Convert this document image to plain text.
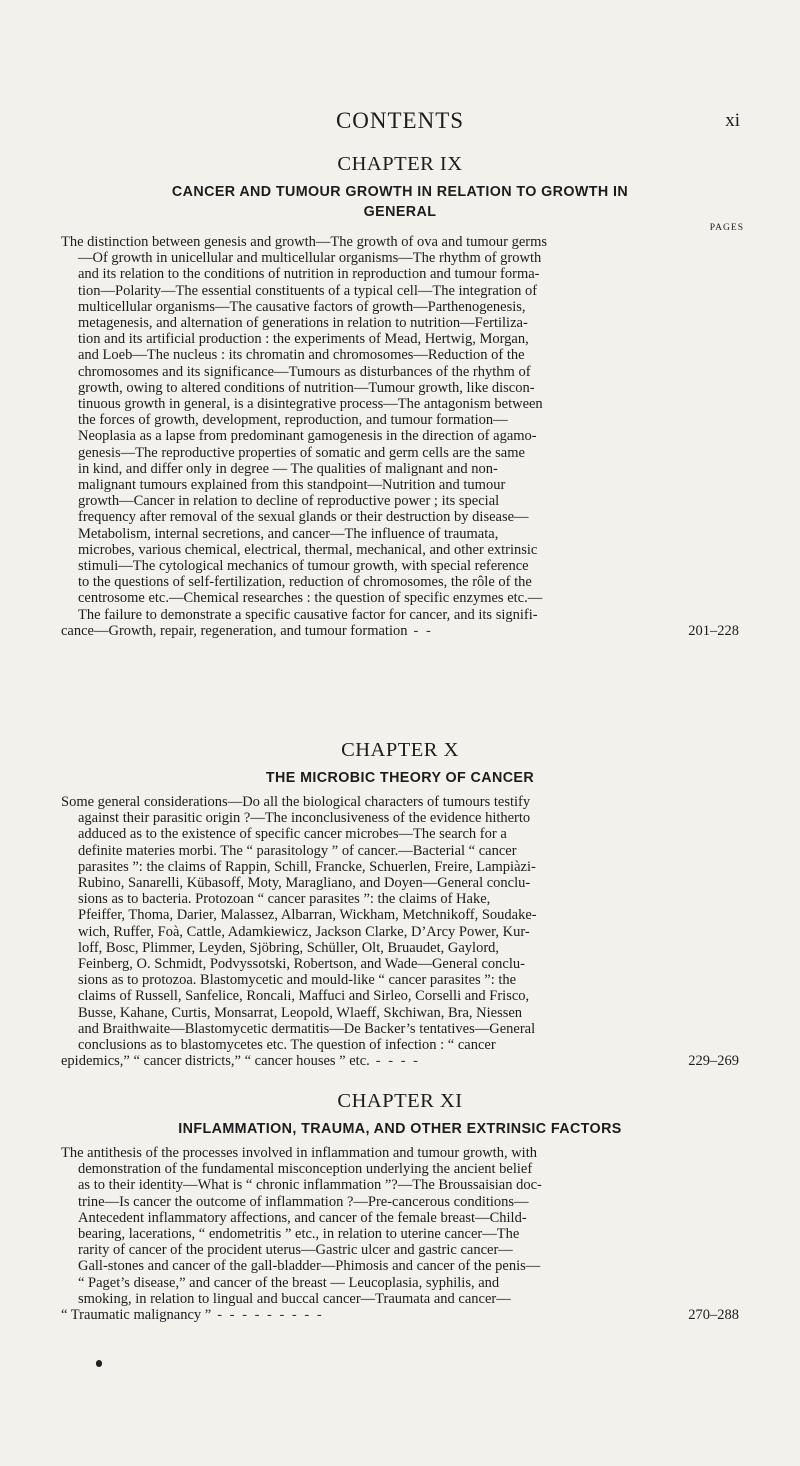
CONTENTS	xi
CHAPTER IX
CANCER AND TUMOUR GROWTH IN RELATION TO GROWTH IN
GENERAL
PAGES
The distinction between genesis and growth—The growth of ova and tumour germs
—Of growth in unicellular and multicellular organisms—The rhythm of growth
and its relation to the conditions of nutrition in reproduction and tumour forma-
tion—Polarity—The essential constituents of a typical cell—The integration of
multicellular organisms—The causative factors of growth—Parthenogenesis,
metagenesis, and alternation of generations in relation to nutrition—Fertiliza-
tion and its artificial production : the experiments of Mead, Hertwig, Morgan,
and Loeb—The nucleus : its chromatin and chromosomes—Reduction of the
chromosomes and its significance—Tumours as disturbances of the rhythm of
growth, owing to altered conditions of nutrition—Tumour growth, like discon-
tinuous growth in general, is a disintegrative process—The antagonism between
the forces of growth, development, reproduction, and tumour formation—
Neoplasia as a lapse from predominant gamogenesis in the direction of agamo-
genesis—The reproductive properties of somatic and germ cells are the same
in kind, and differ only in degree — The qualities of malignant and non-
malignant tumours explained from this standpoint—Nutrition and tumour
growth—Cancer in relation to decline of reproductive power ; its special
frequency after removal of the sexual glands or their destruction by disease—
Metabolism, internal secretions, and cancer—The influence of traumata,
microbes, various chemical, electrical, thermal, mechanical, and other extrinsic
stimuli—The cytological mechanics of tumour growth, with special reference
to the questions of self-fertilization, reduction of chromosomes, the rôle of the
centrosome etc.—Chemical researches : the question of specific enzymes etc.—
The failure to demonstrate a specific causative factor for cancer, and its signifi-
cance—Growth, repair, regeneration, and tumour formation - -	201–228
CHAPTER X
THE MICROBIC THEORY OF CANCER
Some general considerations—Do all the biological characters of tumours testify
against their parasitic origin ?—The inconclusiveness of the evidence hitherto
adduced as to the existence of specific cancer microbes—The search for a
definite materies morbi. The “ parasitology ” of cancer.—Bacterial “ cancer
parasites ”: the claims of Rappin, Schill, Francke, Schuerlen, Freire, Lampiàzi-
Rubino, Sanarelli, Kübasoff, Moty, Maragliano, and Doyen—General conclu-
sions as to bacteria. Protozoan “ cancer parasites ”: the claims of Hake,
Pfeiffer, Thoma, Darier, Malassez, Albarran, Wickham, Metchnikoff, Soudake-
wich, Ruffer, Foà, Cattle, Adamkiewicz, Jackson Clarke, D’Arcy Power, Kur-
loff, Bosc, Plimmer, Leyden, Sjöbring, Schüller, Olt, Bruaudet, Gaylord,
Feinberg, O. Schmidt, Podvyssotski, Robertson, and Wade—General conclu-
sions as to protozoa. Blastomycetic and mould-like “ cancer parasites ”: the
claims of Russell, Sanfelice, Roncali, Maffuci and Sirleo, Corselli and Frisco,
Busse, Kahane, Curtis, Monsarrat, Leopold, Wlaeff, Skchiwan, Bra, Niessen
and Braithwaite—Blastomycetic dermatitis—De Backer’s tentatives—General
conclusions as to blastomycetes etc. The question of infection : “ cancer
epidemics,” “ cancer districts,” “ cancer houses ” etc. - - - -	229–269
CHAPTER XI
INFLAMMATION, TRAUMA, AND OTHER EXTRINSIC FACTORS
The antithesis of the processes involved in inflammation and tumour growth, with
demonstration of the fundamental misconception underlying the ancient belief
as to their identity—What is “ chronic inflammation ”?—The Broussaisian doc-
trine—Is cancer the outcome of inflammation ?—Pre-cancerous conditions—
Antecedent inflammatory affections, and cancer of the female breast—Child-
bearing, lacerations, “ endometritis ” etc., in relation to uterine cancer—The
rarity of cancer of the procident uterus—Gastric ulcer and gastric cancer—
Gall-stones and cancer of the gall-bladder—Phimosis and cancer of the penis—
“ Paget’s disease,” and cancer of the breast — Leucoplasia, syphilis, and
smoking, in relation to lingual and buccal cancer—Traumata and cancer—
“ Traumatic malignancy ” - - - - - - - - -	270–288
